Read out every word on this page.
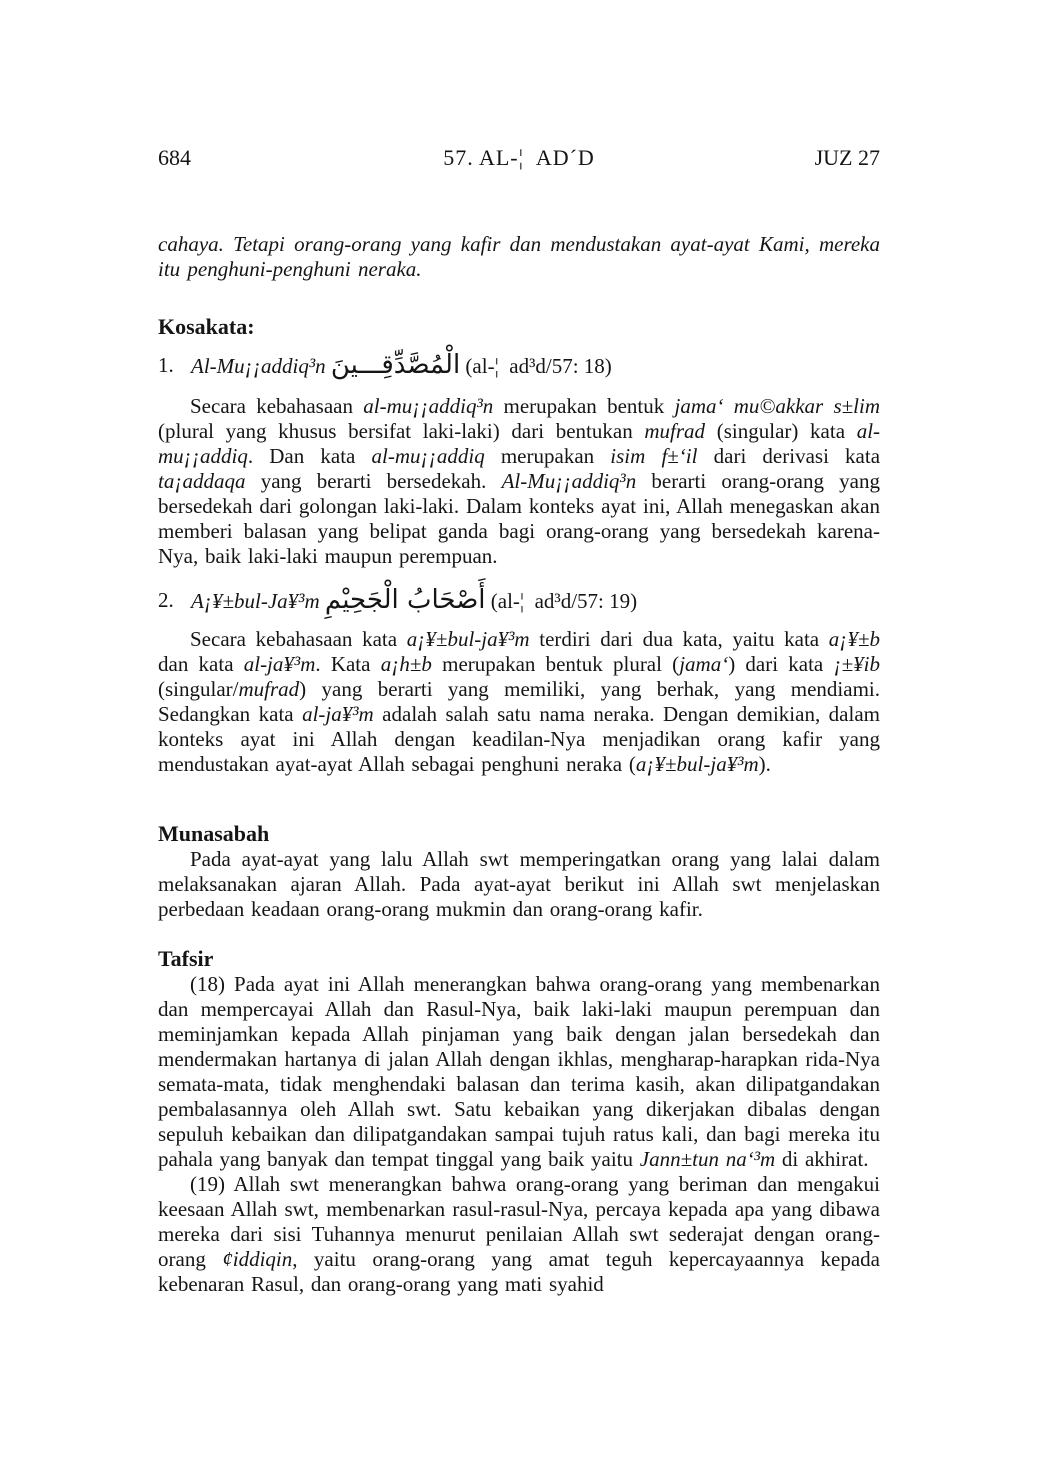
684	57. AL-¦  AD´D	JUZ 27
cahaya. Tetapi orang-orang yang kafir dan mendustakan ayat-ayat Kami, mereka itu penghuni-penghuni neraka.
Kosakata:
1. Al-Mu¡¡addiq³n الْمُصَّدِّقِـــينَ (al-¦  ad³d/57: 18)
Secara kebahasaan al-mu¡¡addiq³n merupakan bentuk jama‘ mu©akkar s±lim (plural yang khusus bersifat laki-laki) dari bentukan mufrad (singular) kata al-mu¡¡addiq. Dan kata al-mu¡¡addiq merupakan isim f±‘il dari derivasi kata ta¡addaqa yang berarti bersedekah. Al-Mu¡¡addiq³n berarti orang-orang yang bersedekah dari golongan laki-laki. Dalam konteks ayat ini, Allah menegaskan akan memberi balasan yang belipat ganda bagi orang-orang yang bersedekah karena-Nya, baik laki-laki maupun perempuan.
2. A¡¥±bul-Ja¥³m أَصْحَابُ الْجَحِيْمِ (al-¦  ad³d/57: 19)
Secara kebahasaan kata a¡¥±bul-ja¥³m terdiri dari dua kata, yaitu kata a¡¥±b dan kata al-ja¥³m. Kata a¡h±b merupakan bentuk plural (jama‘) dari kata ¡±¥ib (singular/mufrad) yang berarti yang memiliki, yang berhak, yang mendiami. Sedangkan kata al-ja¥³m adalah salah satu nama neraka. Dengan demikian, dalam konteks ayat ini Allah dengan keadilan-Nya menjadikan orang kafir yang mendustakan ayat-ayat Allah sebagai penghuni neraka (a¡¥±bul-ja¥³m).
Munasabah
Pada ayat-ayat yang lalu Allah swt memperingatkan orang yang lalai dalam melaksanakan ajaran Allah. Pada ayat-ayat berikut ini Allah swt menjelaskan perbedaan keadaan orang-orang mukmin dan orang-orang kafir.
Tafsir
(18) Pada ayat ini Allah menerangkan bahwa orang-orang yang membenarkan dan mempercayai Allah dan Rasul-Nya, baik laki-laki maupun perempuan dan meminjamkan kepada Allah pinjaman yang baik dengan jalan bersedekah dan mendermakan hartanya di jalan Allah dengan ikhlas, mengharap-harapkan rida-Nya semata-mata, tidak menghendaki balasan dan terima kasih, akan dilipatgandakan pembalasannya oleh Allah swt. Satu kebaikan yang dikerjakan dibalas dengan sepuluh kebaikan dan dilipatgandakan sampai tujuh ratus kali, dan bagi mereka itu pahala yang banyak dan tempat tinggal yang baik yaitu Jann±tun na‘³m di akhirat.
(19) Allah swt menerangkan bahwa orang-orang yang beriman dan mengakui keesaan Allah swt, membenarkan rasul-rasul-Nya, percaya kepada apa yang dibawa mereka dari sisi Tuhannya menurut penilaian Allah swt sederajat dengan orang-orang ¢iddiqin, yaitu orang-orang yang amat teguh kepercayaannya kepada kebenaran Rasul, dan orang-orang yang mati syahid
